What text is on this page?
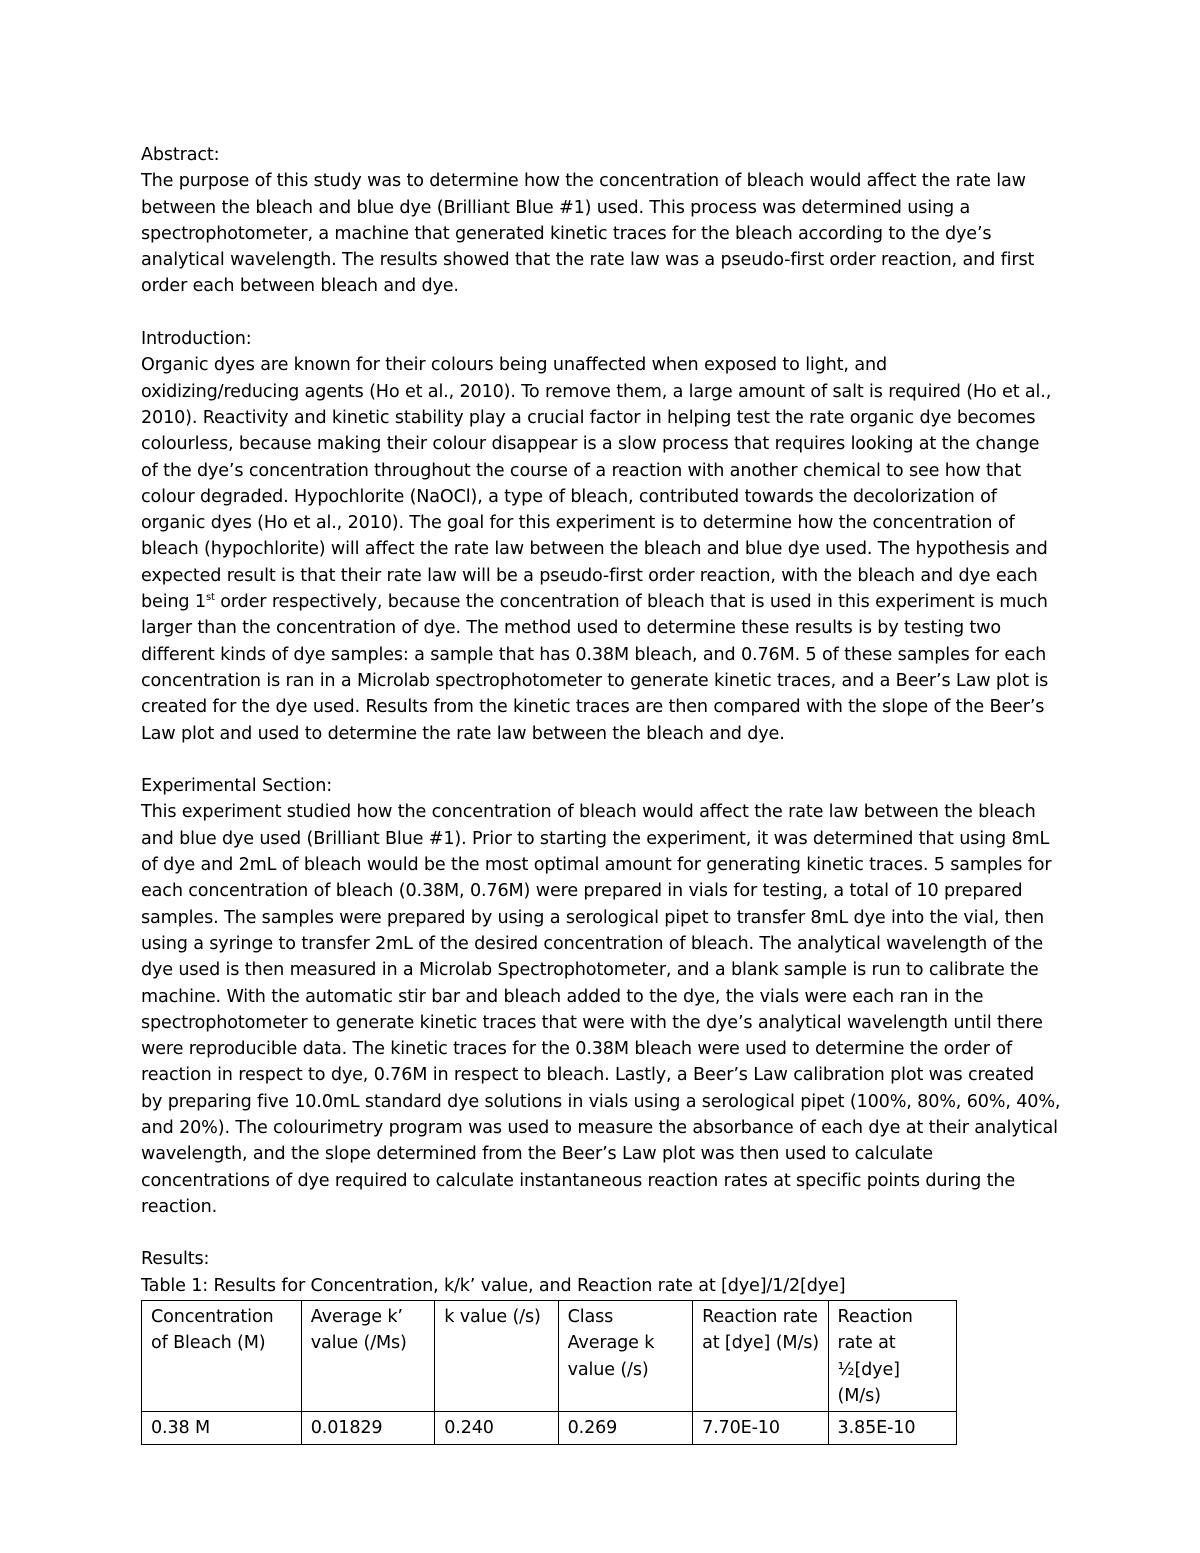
Abstract:

The purpose of this study was to determine how the concentration of bleach would affect the rate law
between the bleach and blue dye (Brilliant Blue #1) used. This process was determined using a
spectrophotometer, a machine that generated kinetic traces for the bleach according to the dye’s
analytical wavelength. The results showed that the rate law was a pseudo-first order reaction, and first
order each between bleach and dye.

Introduction:

Organic dyes are known for their colours being unaffected when exposed to light, and
oxidizing/reducing agents (Ho et al., 2010). To remove them, a large amount of salt is required (Ho et al.,
2010). Reactivity and kinetic stability play a crucial factor in helping test the rate organic dye becomes
colourless, because making their colour disappear is a slow process that requires looking at the change
of the dye’s concentration throughout the course of a reaction with another chemical to see how that
colour degraded. Hypochlorite (NaOCl), a type of bleach, contributed towards the decolorization of
organic dyes (Ho et al., 2010). The goal for this experiment is to determine how the concentration of
bleach (hypochlorite) will affect the rate law between the bleach and blue dye used. The hypothesis and
expected result is that their rate law will be a pseudo-first order reaction, with the bleach and dye each
being 1st order respectively, because the concentration of bleach that is used in this experiment is much
larger than the concentration of dye. The method used to determine these results is by testing two
different kinds of dye samples: a sample that has 0.38M bleach, and 0.76M. 5 of these samples for each
concentration is ran in a Microlab spectrophotometer to generate kinetic traces, and a Beer’s Law plot is
created for the dye used. Results from the kinetic traces are then compared with the slope of the Beer’s
Law plot and used to determine the rate law between the bleach and dye.

Experimental Section:

This experiment studied how the concentration of bleach would affect the rate law between the bleach
and blue dye used (Brilliant Blue #1). Prior to starting the experiment, it was determined that using 8mL
of dye and 2mL of bleach would be the most optimal amount for generating kinetic traces. 5 samples for
each concentration of bleach (0.38M, 0.76M) were prepared in vials for testing, a total of 10 prepared
samples. The samples were prepared by using a serological pipet to transfer 8mL dye into the vial, then
using a syringe to transfer 2mL of the desired concentration of bleach. The analytical wavelength of the
dye used is then measured in a Microlab Spectrophotometer, and a blank sample is run to calibrate the
machine. With the automatic stir bar and bleach added to the dye, the vials were each ran in the
spectrophotometer to generate kinetic traces that were with the dye’s analytical wavelength until there
were reproducible data. The kinetic traces for the 0.38M bleach were used to determine the order of
reaction in respect to dye, 0.76M in respect to bleach. Lastly, a Beer’s Law calibration plot was created
by preparing five 10.0mL standard dye solutions in vials using a serological pipet (100%, 80%, 60%, 40%,
and 20%). The colourimetry program was used to measure the absorbance of each dye at their analytical
wavelength, and the slope determined from the Beer’s Law plot was then used to calculate
concentrations of dye required to calculate instantaneous reaction rates at specific points during the
reaction.

Results:

Table 1: Results for Concentration, k/k’ value, and Reaction rate at [dye]/1/2[dye]

Concentration of Bleach (M)	Average k’ value (/Ms)	k value (/s)	Class Average k value (/s)	Reaction rate at [dye] (M/s)	Reaction rate at ½[dye] (M/s)
0.38 M	0.01829	0.240	0.269	7.70E-10	3.85E-10
